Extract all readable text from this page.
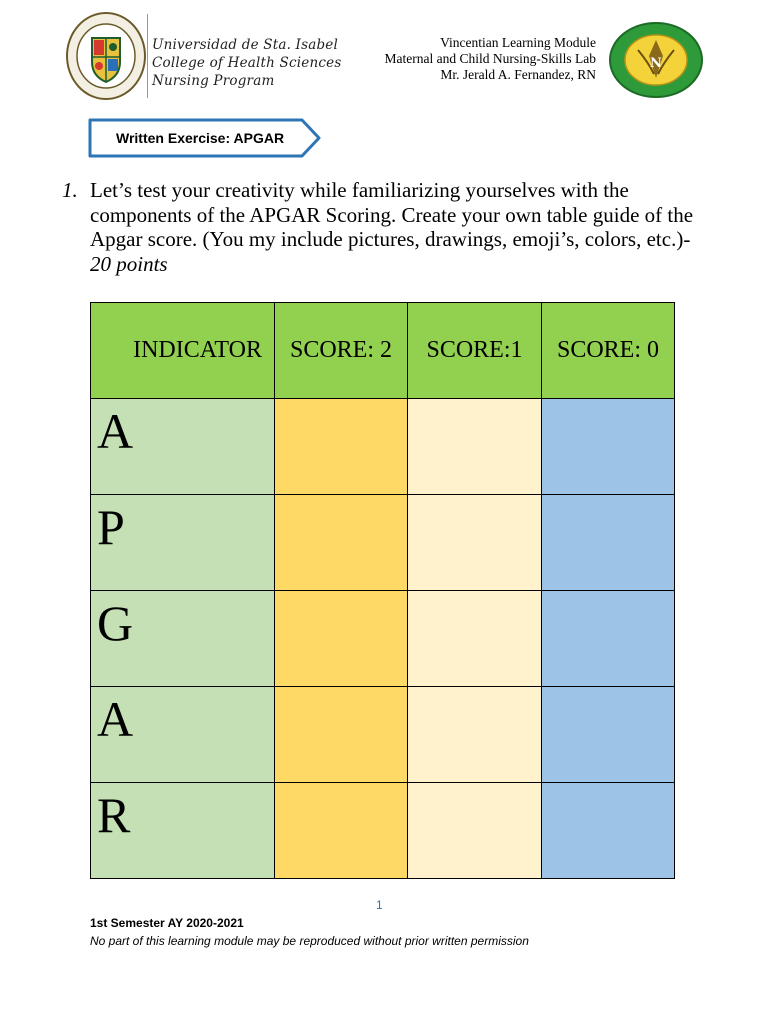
Universidad de Sta. Isabel
College of Health Sciences
Nursing Program
Vincentian Learning Module
Maternal and Child Nursing-Skills Lab
Mr. Jerald A. Fernandez, RN
N
Written Exercise: APGAR
1. Let’s test your creativity while familiarizing yourselves with the components of the APGAR Scoring. Create your own table guide of the Apgar score. (You my include pictures, drawings, emoji’s, colors, etc.)- 20 points
INDICATOR	SCORE: 2	SCORE:1	SCORE: 0
A			
P			
G			
A			
R			
1
1st Semester AY 2020-2021
No part of this learning module may be reproduced without prior written permission
